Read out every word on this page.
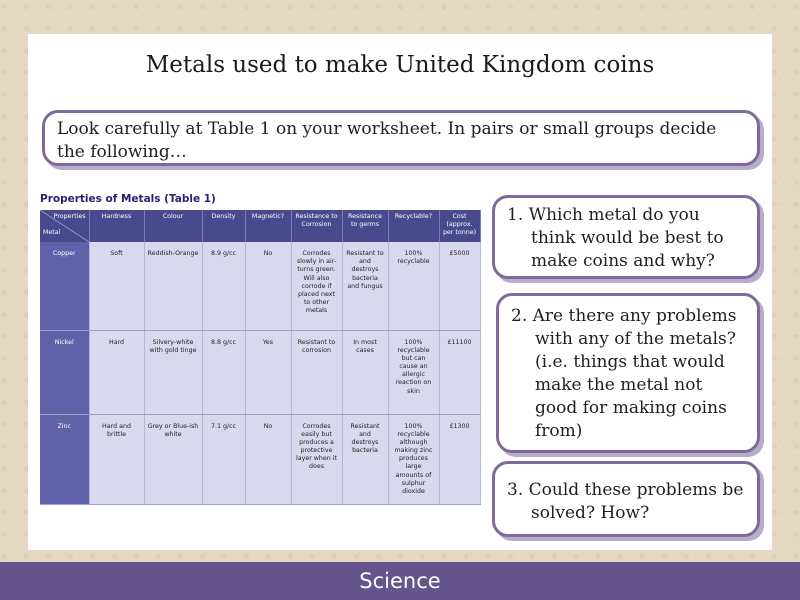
Metals used to make United Kingdom coins
Look carefully at Table 1 on your worksheet. In pairs or small groups decide the following…
Properties of Metals (Table 1)
Properties
Metal	Hardness	Colour	Density	Magnetic?	Resistance to Corrosion	Resistance to germs	Recyclable?	Cost (approx. per tonne)
Copper	Soft	Reddish-Orange	8.9 g/cc	No	Corrodes slowly in air- turns green. Will also corrode if placed next to other metals	Resistant to and destroys bacteria and fungus	100% recyclable	£5000
Nickel	Hard	Silvery-white with gold tinge	8.8 g/cc	Yes	Resistant to corrosion	In most cases	100% recyclable but can cause an allergic reaction on skin	£11100
Zinc	Hard and brittle	Grey or Blue-ish white	7.1 g/cc	No	Corrodes easily but produces a protective layer when it does	Resistant and destroys bacteria	100% recyclable although making zinc produces large amounts of sulphur dioxide	£1300
1. Which metal do you think would be best to make coins and why?
2. Are there any problems with any of the metals? (i.e. things that would make the metal not good for making coins from)
3. Could these problems be solved? How?
Science
